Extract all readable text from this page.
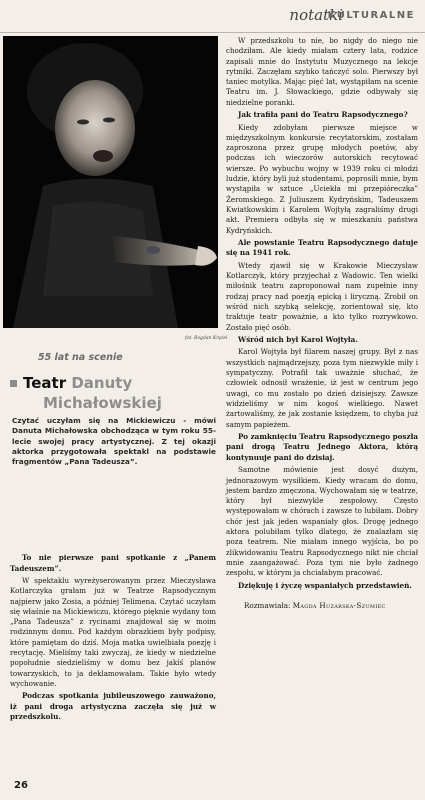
notatki
KULTURALNE
fot. Bogdan Krężel
55 lat na scenie
Teatr Danuty
Michałowskiej
Czytać uczyłam się na Mickiewiczu - mówi Danuta Michałowska obchodząca w tym roku 55-lecie swojej pracy artystycznej. Z tej okazji aktorka przygotowała spektakl na podstawie fragmentów „Pana Tadeusza”.

To nie pierwsze pani spotkanie z „Panem Tadeuszem”.

W spektaklu wyreżyserowanym przez Mieczysława Kotlarczyka grałam już w Teatrze Rapsodycznym najpierw jako Zosia, a później Telimena. Czytać uczyłam się właśnie na Mickiewiczu, którego pięknie wydany tom „Pana Tadeusza” z rycinami znajdował się w moim rodzinnym domu. Pod każdym obrazkiem były podpisy, które pamiętam do dziś. Moja matka uwielbiała poezję i recytację. Mieliśmy taki zwyczaj, że kiedy w niedzielne popołudnie siedzieliśmy w domu bez jakiś planów towarzyskich, to ja deklamowałam. Takie było wtedy wychowanie.

Podczas spotkania jubileuszowego zauważono, iż pani droga artystyczna zaczęła się już w przedszkolu.

W przedszkolu to nie, bo nigdy do niego nie chodziłam. Ale kiedy miałam cztery lata, rodzice zapisali mnie do Instytutu Muzycznego na lekcje rytmiki. Zaczęłam szybko tańczyć solo. Pierwszy był taniec motylka. Mając pięć lat, wystąpiłam na scenie Teatru im. J. Słowackiego, gdzie odbywały się niedzielne poranki.

Jak trafiła pani do Teatru Rapsodycznego?

Kiedy zdobyłam pierwsze miejsce w międzyszkolnym konkursie recytatorskim, zostałam zaproszona przez grupę młodych poetów, aby podczas ich wieczorów autorskich recytować wiersze. Po wybuchu wojny w 1939 roku ci młodzi ludzie, który byli już studentami, poprosili mnie, bym wystąpiła w sztuce „Uciekła mi przepióreczka” Żeromskiego. Z Juliuszem Kydryńskim, Tadeuszem Kwiatkowskim i Karolem Wojtyłą zagraliśmy drugi akt. Premiera odbyła się w mieszkaniu państwa Kydryńskich.

Ale powstanie Teatru Rapsodycznego datuje się na 1941 rok.

Wtedy zjawił się w Krakowie Mieczysław Kotlarczyk, który przyjechał z Wadowic. Ten wielki miłośnik teatru zaproponował nam zupełnie inny rodzaj pracy nad poezją epicką i liryczną. Zrobił on wśród nich szybką selekcję, zorientował się, kto traktuje teatr poważnie, a kto tylko rozrywkowo. Zostało pięć osób.

Wśród nich był Karol Wojtyła.

Karol Wojtyła był filarem naszej grupy. Był z nas wszystkich najmądrzejszy, poza tym niezwykle miły i sympatyczny. Potrafił tak uważnie słuchać, że człowiek odnosił wrażenie, iż jest w centrum jego uwagi, co mu zostało po dzień dzisiejszy. Zawsze widzieliśmy w nim kogoś wielkiego. Nawet żartowaliśmy, że jak zostanie księdzem, to chyba już samym papieżem.

Po zamknięciu Teatru Rapsodycznego poszła pani drogą Teatru Jednego Aktora, którą kontynuuje pani do dzisiaj.

Samotne mówienie jest dosyć dużym, jednorazowym wysiłkiem. Kiedy wracam do domu, jestem bardzo zmęczona. Wychowałam się w teatrze, który był niezwykle zespołowy. Często występowałam w chórach i zawsze to lubiłam. Dobry chór jest jak jeden wspaniały głos. Drogę jednego aktora polubiłam tylko dlatego, że znalazłam się poza teatrem. Nie miałam innego wyjścia, bo po zlikwidowaniu Teatru Rapsodycznego nikt nie chciał mnie zaangażować. Poza tym nie było żadnego zespołu, w którym ja chciałabym pracować.

Dziękuję i życzę wspaniałych przedstawień.

Rozmawiała: Magda Huzarska-Szumiec
26
